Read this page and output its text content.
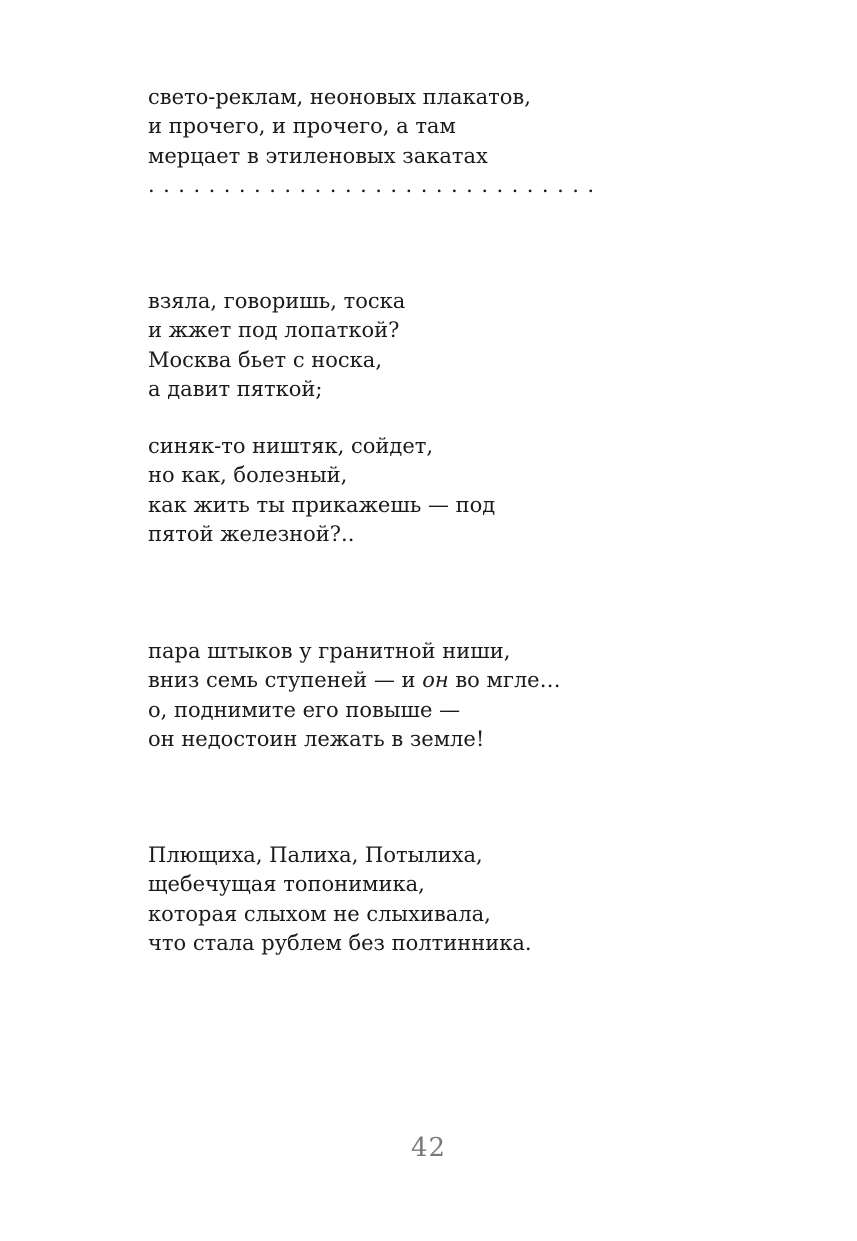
свето-реклам, неоновых плакатов,
и прочего, и прочего, а там
мерцает в этиленовых закатах
. . . . . . . . . . . . . . . . . . . . . . . . . . . . . .
взяла, говоришь, тоска
и жжет под лопаткой?
Москва бьет с носка,
а давит пяткой;
синяк-то ништяк, сойдет,
но как, болезный,
как жить ты прикажешь — под
пятой железной?..
пара штыков у гранитной ниши,
вниз семь ступеней — и он во мгле…
о, поднимите его повыше —
он недостоин лежать в земле!
Плющиха, Палиха, Потылиха,
щебечущая топонимика,
которая слыхом не слыхивала,
что стала рублем без полтинника.
42
